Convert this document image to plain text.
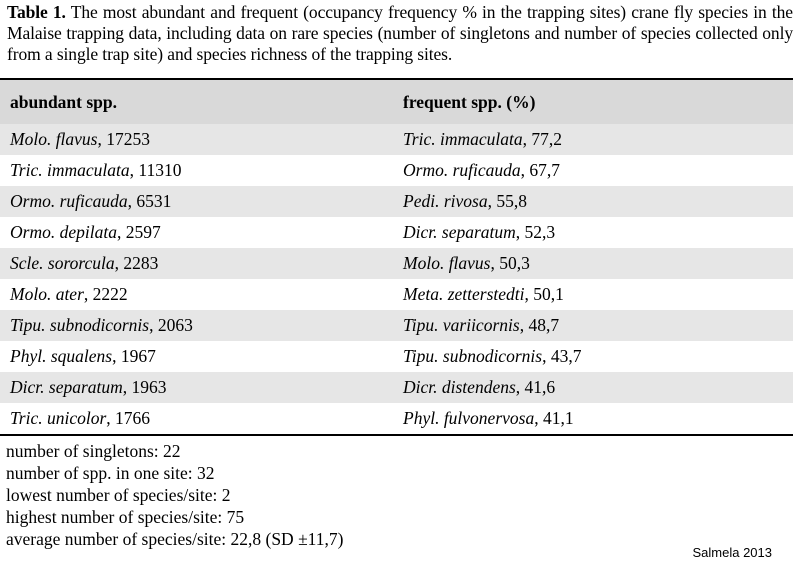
Table 1. The most abundant and frequent (occupancy frequency % in the trapping sites) crane fly species in the Malaise trapping data, including data on rare species (number of singletons and number of species collected only from a single trap site) and species richness of the trapping sites.
abundant spp.	frequent spp. (%)
Molo. flavus, 17253	Tric. immaculata, 77,2
Tric. immaculata, 11310	Ormo. ruficauda, 67,7
Ormo. ruficauda, 6531	Pedi. rivosa, 55,8
Ormo. depilata, 2597	Dicr. separatum, 52,3
Scle. sororcula, 2283	Molo. flavus, 50,3
Molo. ater, 2222	Meta. zetterstedti, 50,1
Tipu. subnodicornis, 2063	Tipu. variicornis, 48,7
Phyl. squalens, 1967	Tipu. subnodicornis, 43,7
Dicr. separatum, 1963	Dicr. distendens, 41,6
Tric. unicolor, 1766	Phyl. fulvonervosa, 41,1
number of singletons: 22
number of spp. in one site: 32
lowest number of species/site: 2
highest number of species/site: 75
average number of species/site: 22,8 (SD ±11,7)
Salmela 2013
